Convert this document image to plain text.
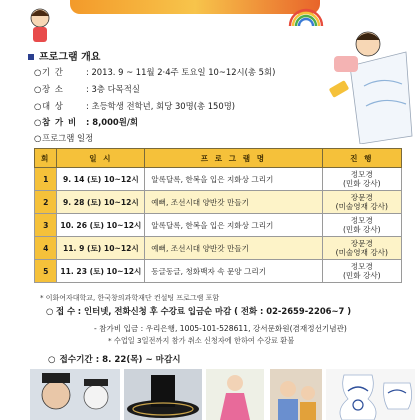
프로그램 개요
○기 간	: 2013. 9 ~ 11월 2·4주 토요일 10~12시(총 5회)
○장 소	: 3층 다목적실
○대 상	: 초등학생 전학년, 회당 30명(총 150명)
○참 가 비 : 8,000원/회
○프로그램 일정
회	일 시	프 로 그 램 명	진 행
1	9. 14 (토) 10~12시	알록달록, 한복을 입은 지화상 그리기	정모경
(민화 강사)
2	9. 28 (토) 10~12시	예뻐, 조선시대 양반갓 만들기	장문경
(미술영재 강사)
3	10. 26 (토) 10~12시	알록달록, 한복을 입은 지화상 그리기	정모경
(민화 강사)
4	11. 9 (토) 10~12시	예뻐, 조선시대 양반갓 만들기	장문경
(미술영재 강사)
5	11. 23 (토) 10~12시	동글동글, 청화백자 속 문양 그리기	정모경
(민화 강사)
* 이화여자대학교, 한국창의과학재단 컨설팅 프로그램 포함
○ 접 수 : 인터넷, 전화신청 후 수강료 입금순 마감 ( 전화 : 02-2659-2206~7 )
- 참가비 입금 : 우리은행, 1005-101-528611, 강서문화원(겸재정선기념관)
* 수업일 3일전까지 참가 취소 신청자에 한하여 수강료 환불
○ 접수기간 : 8. 22(목) ~ 마감시
